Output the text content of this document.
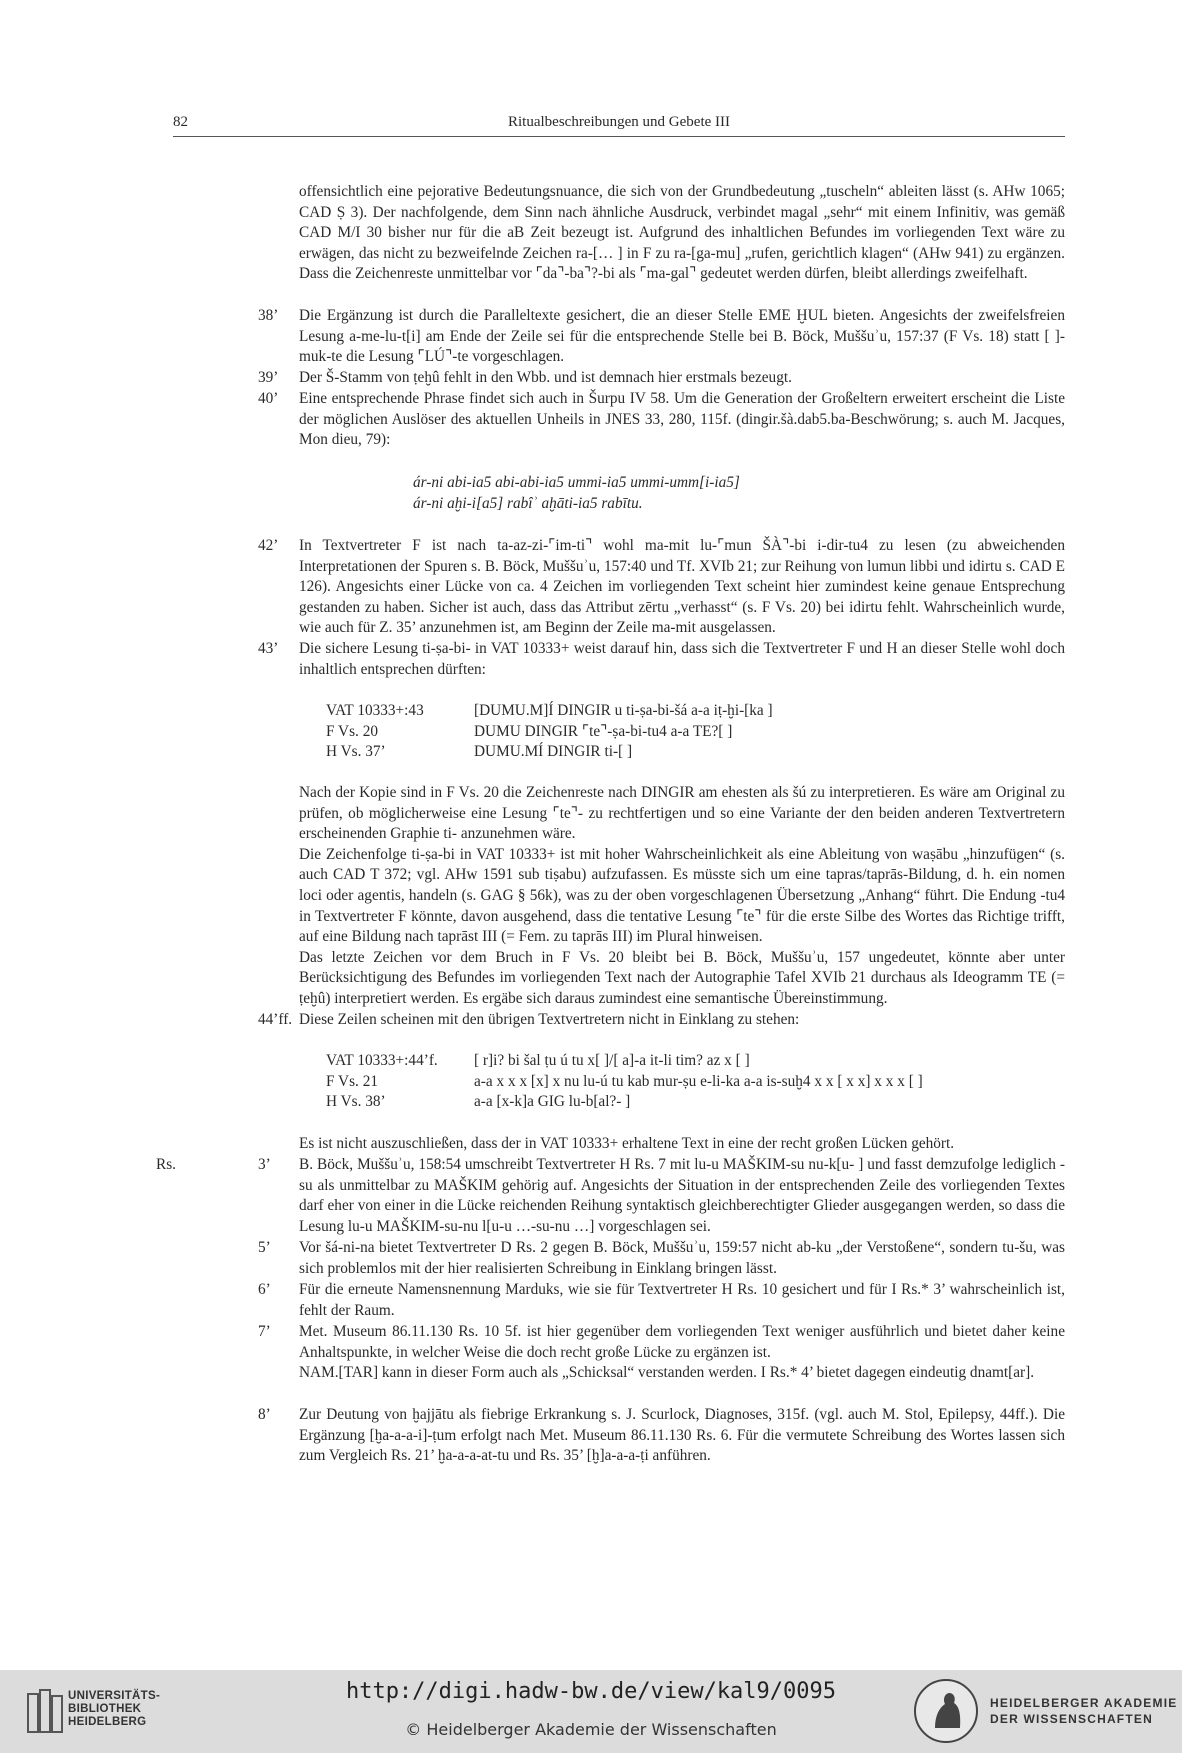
82	Ritualbeschreibungen und Gebete III

offensichtlich eine pejorative Bedeutungsnuance, die sich von der Grundbedeutung „tuscheln“ ableiten lässt (s. AHw 1065; CAD Ṣ 3). Der nachfolgende, dem Sinn nach ähnliche Ausdruck, verbindet magal „sehr“ mit einem Infinitiv, was gemäß CAD M/I 30 bisher nur für die aB Zeit bezeugt ist. Aufgrund des inhaltlichen Befundes im vorliegenden Text wäre zu erwägen, das nicht zu bezweifelnde Zeichen ra-[… ] in F zu ra-[ga-mu] „rufen, gerichtlich klagen“ (AHw 941) zu ergänzen. Dass die Zeichenreste unmittelbar vor ⌜da⌝-ba⌝?-bi als ⌜ma-gal⌝ gedeutet werden dürfen, bleibt allerdings zweifelhaft.

38’	Die Ergänzung ist durch die Paralleltexte gesichert, die an dieser Stelle EME ḪUL bieten. Angesichts der zweifelsfreien Lesung a-me-lu-t[i] am Ende der Zeile sei für die entsprechende Stelle bei B. Böck, Muššuʾu, 157:37 (F Vs. 18) statt [ ]-muk-te die Lesung ⌜LÚ⌝-te vorgeschlagen.

39’	Der Š-Stamm von ṭeḫû fehlt in den Wbb. und ist demnach hier erstmals bezeugt.

40’	Eine entsprechende Phrase findet sich auch in Šurpu IV 58. Um die Generation der Großeltern erweitert erscheint die Liste der möglichen Auslöser des aktuellen Unheils in JNES 33, 280, 115f. (dingir.šà.dab5.ba-Beschwörung; s. auch M. Jacques, Mon dieu, 79):

ár-ni abi-ia5 abi-abi-ia5 ummi-ia5 ummi-umm[i-ia5]
ár-ni aḫi-i[a5] rabîʾ aḫāti-ia5 rabītu.
42’	In Textvertreter F ist nach ta-az-zi-⌜im-ti⌝ wohl ma-mit lu-⌜mun ŠÀ⌝-bi i-dir-tu4 zu lesen (zu abweichenden Interpretationen der Spuren s. B. Böck, Muššuʾu, 157:40 und Tf. XVIb 21; zur Reihung von lumun libbi und idirtu s. CAD E 126). Angesichts einer Lücke von ca. 4 Zeichen im vorliegenden Text scheint hier zumindest keine genaue Entsprechung gestanden zu haben. Sicher ist auch, dass das Attribut zērtu „verhasst“ (s. F Vs. 20) bei idirtu fehlt. Wahrscheinlich wurde, wie auch für Z. 35’ anzunehmen ist, am Beginn der Zeile ma-mit ausgelassen.

43’	Die sichere Lesung ti-ṣa-bi- in VAT 10333+ weist darauf hin, dass sich die Textvertreter F und H an dieser Stelle wohl doch inhaltlich entsprechen dürften:

VAT 10333+:43	[DUMU.M]Í DINGIR u ti-ṣa-bi-šá a-a iṭ-ḫi-[ka ]
F Vs. 20	DUMU DINGIR ⌜te⌝-ṣa-bi-tu4 a-a TE?[ ]
H Vs. 37’	DUMU.MÍ DINGIR ti-[ ]

Nach der Kopie sind in F Vs. 20 die Zeichenreste nach DINGIR am ehesten als šú zu interpretieren. Es wäre am Original zu prüfen, ob möglicherweise eine Lesung ⌜te⌝- zu rechtfertigen und so eine Variante der den beiden anderen Textvertretern erscheinenden Graphie ti- anzunehmen wäre.

Die Zeichenfolge ti-ṣa-bi in VAT 10333+ ist mit hoher Wahrscheinlichkeit als eine Ableitung von waṣābu „hinzufügen“ (s. auch CAD T 372; vgl. AHw 1591 sub tiṣabu) aufzufassen. Es müsste sich um eine tapras/taprās-Bildung, d. h. ein nomen loci oder agentis, handeln (s. GAG § 56k), was zu der oben vorgeschlagenen Übersetzung „Anhang“ führt. Die Endung -tu4 in Textvertreter F könnte, davon ausgehend, dass die tentative Lesung ⌜te⌝ für die erste Silbe des Wortes das Richtige trifft, auf eine Bildung nach taprāst III (= Fem. zu taprās III) im Plural hinweisen.

Das letzte Zeichen vor dem Bruch in F Vs. 20 bleibt bei B. Böck, Muššuʾu, 157 ungedeutet, könnte aber unter Berücksichtigung des Befundes im vorliegenden Text nach der Autographie Tafel XVIb 21 durchaus als Ideogramm TE (= ṭeḫû) interpretiert werden. Es ergäbe sich daraus zumindest eine semantische Übereinstimmung.

44’ff. Diese Zeilen scheinen mit den übrigen Textvertretern nicht in Einklang zu stehen:

VAT 10333+:44’f.	[ r]i? bi šal ṭu ú tu x[ ]/[ a]-a it-li tim? az x [ ]
F Vs. 21	a-a x x x [x] x nu lu-ú tu kab mur-ṣu e-li-ka a-a is-suḫ4 x x [ x x] x x x [ ]
H Vs. 38’	a-a [x-k]a GIG lu-b[al?- ]

Es ist nicht auszuschließen, dass der in VAT 10333+ erhaltene Text in eine der recht großen Lücken gehört.

Rs.	3’	B. Böck, Muššuʾu, 158:54 umschreibt Textvertreter H Rs. 7 mit lu-u MAŠKIM-su nu-k[u- ] und fasst demzufolge lediglich -su als unmittelbar zu MAŠKIM gehörig auf. Angesichts der Situation in der entsprechenden Zeile des vorliegenden Textes darf eher von einer in die Lücke reichenden Reihung syntaktisch gleichberechtigter Glieder ausgegangen werden, so dass die Lesung lu-u MAŠKIM-su-nu l[u-u …-su-nu …] vorgeschlagen sei.

5’	Vor šá-ni-na bietet Textvertreter D Rs. 2 gegen B. Böck, Muššuʾu, 159:57 nicht ab-ku „der Verstoßene“, sondern tu-šu, was sich problemlos mit der hier realisierten Schreibung in Einklang bringen lässt.

6’	Für die erneute Namensnennung Marduks, wie sie für Textvertreter H Rs. 10 gesichert und für I Rs.* 3’ wahrscheinlich ist, fehlt der Raum.

7’	Met. Museum 86.11.130 Rs. 10 5f. ist hier gegenüber dem vorliegenden Text weniger ausführlich und bietet daher keine Anhaltspunkte, in welcher Weise die doch recht große Lücke zu ergänzen ist.

NAM.[TAR] kann in dieser Form auch als „Schicksal“ verstanden werden. I Rs.* 4’ bietet dagegen eindeutig dnamt[ar].

8’	Zur Deutung von ḫajjātu als fiebrige Erkrankung s. J. Scurlock, Diagnoses, 315f. (vgl. auch M. Stol, Epilepsy, 44ff.). Die Ergänzung [ḫa-a-a-i]-ṭum erfolgt nach Met. Museum 86.11.130 Rs. 6. Für die vermutete Schreibung des Wortes lassen sich zum Vergleich Rs. 21’ ḫa-a-a-at-tu und Rs. 35’ [ḫ]a-a-a-ṭi anführen.

UNIVERSITÄTS-
BIBLIOTHEK
HEIDELBERG
http://digi.hadw-bw.de/view/kal9/0095
© Heidelberger Akademie der Wissenschaften
HEIDELBERGER AKADEMIE
DER WISSENSCHAFTEN
